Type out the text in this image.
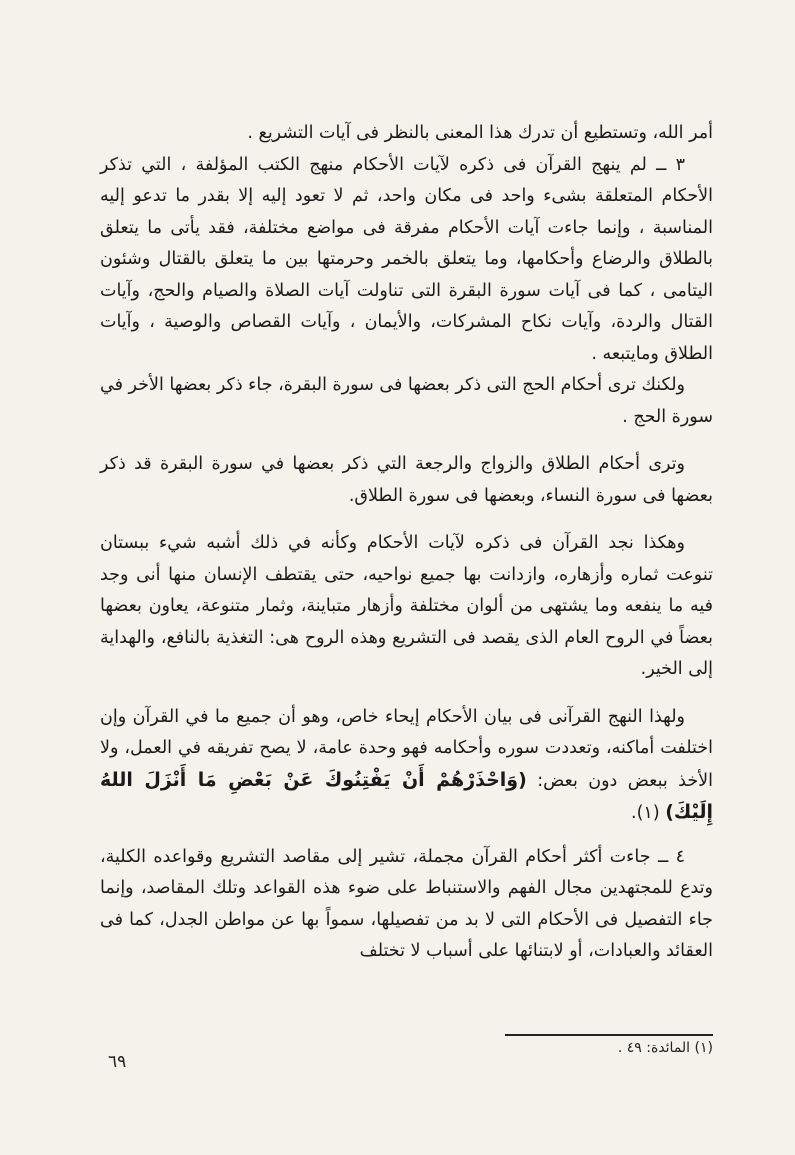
أمر الله، وتستطيع أن تدرك هذا المعنى بالنظر فى آيات التشريع .

٣ ــ لم ينهج القرآن فى ذكره لآيات الأحكام منهج الكتب المؤلفة ، التي تذكر الأحكام المتعلقة بشىء واحد فى مكان واحد، ثم لا تعود إليه إلا بقدر ما تدعو إليه المناسبة ، وإنما جاءت آيات الأحكام مفرقة فى مواضع مختلفة، فقد يأتى ما يتعلق بالطلاق والرضاع وأحكامها، وما يتعلق بالخمر وحرمتها بين ما يتعلق بالقتال وشئون اليتامى ، كما فى آيات سورة البقرة التى تناولت آيات الصلاة والصيام والحج، وآيات القتال والردة، وآيات نكاح المشركات، والأيمان ، وآيات القصاص والوصية ، وآيات الطلاق ومايتبعه .

ولكنك ترى أحكام الحج التى ذكر بعضها فى سورة البقرة، جاء ذكر بعضها الأخر في سورة الحج .

وترى أحكام الطلاق والزواج والرجعة التي ذكر بعضها في سورة البقرة قد ذكر بعضها فى سورة النساء، وبعضها فى سورة الطلاق.

وهكذا نجد القرآن فى ذكره لآيات الأحكام وكأنه في ذلك أشبه شيء ببستان تنوعت ثماره وأزهاره، وازدانت بها جميع نواحيه، حتى يقتطف الإنسان منها أنى وجد فيه ما ينفعه وما يشتهى من ألوان مختلفة وأزهار متباينة، وثمار متنوعة، يعاون بعضها بعضاً في الروح العام الذى يقصد فى التشريع وهذه الروح هى: التغذية بالنافع، والهداية إلى الخير.

ولهذا النهج القرآنى فى بيان الأحكام إيحاء خاص، وهو أن جميع ما في القرآن وإن اختلفت أماكنه، وتعددت سوره وأحكامه فهو وحدة عامة، لا يصح تفريقه في العمل، ولا الأخذ ببعض دون بعض: (وَاحْذَرْهُمْ أَنْ يَفْتِنُوكَ عَنْ بَعْضِ مَا أَنْزَلَ اللهُ إِلَيْكَ) (١).

٤ ــ جاءت أكثر أحكام القرآن مجملة، تشير إلى مقاصد التشريع وقواعده الكلية، وتدع للمجتهدين مجال الفهم والاستنباط على ضوء هذه القواعد وتلك المقاصد، وإنما جاء التفصيل فى الأحكام التى لا بد من تفصيلها، سمواً بها عن مواطن الجدل، كما فى العقائد والعبادات، أو لابتنائها على أسباب لا تختلف

(١) المائدة: ٤٩ .
٦٩
